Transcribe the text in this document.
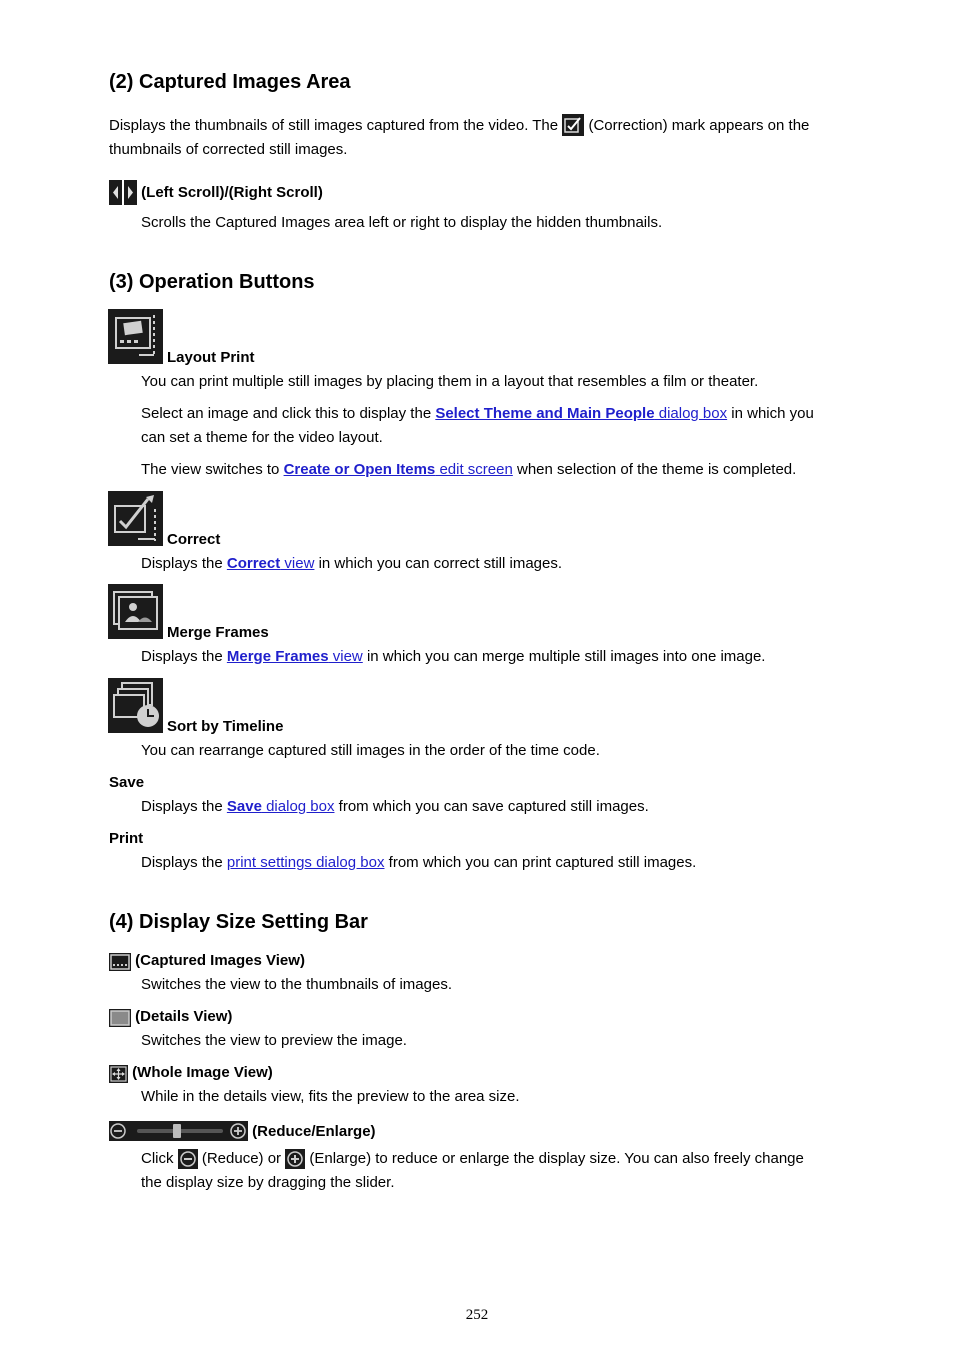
(2) Captured Images Area
Displays the thumbnails of still images captured from the video. The  (Correction) mark appears on the
thumbnails of corrected still images.
(Left Scroll)/(Right Scroll)
Scrolls the Captured Images area left or right to display the hidden thumbnails.
(3) Operation Buttons
Layout Print
You can print multiple still images by placing them in a layout that resembles a film or theater.
Select an image and click this to display the Select Theme and Main People dialog box in which you
can set a theme for the video layout.
The view switches to Create or Open Items edit screen when selection of the theme is completed.
Correct
Displays the Correct view in which you can correct still images.
Merge Frames
Displays the Merge Frames view in which you can merge multiple still images into one image.
Sort by Timeline
You can rearrange captured still images in the order of the time code.
Save
Displays the Save dialog box from which you can save captured still images.
Print
Displays the print settings dialog box from which you can print captured still images.
(4) Display Size Setting Bar
(Captured Images View)
Switches the view to the thumbnails of images.
(Details View)
Switches the view to preview the image.
(Whole Image View)
While in the details view, fits the preview to the area size.
(Reduce/Enlarge)
Click  (Reduce) or  (Enlarge) to reduce or enlarge the display size. You can also freely change
the display size by dragging the slider.
252
